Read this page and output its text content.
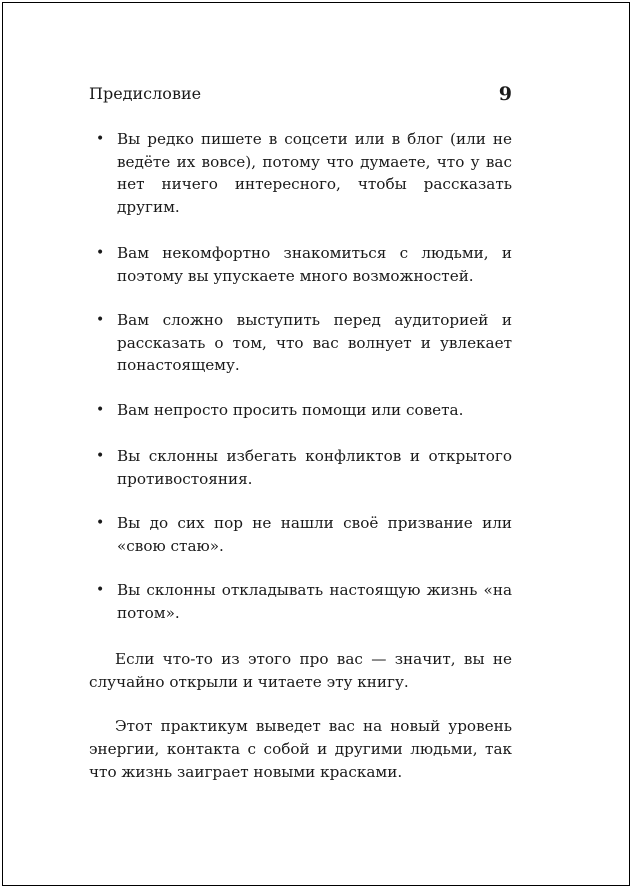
Предисловие	9
• Вы редко пишете в соцсети или в блог (или не ведёте их вовсе), потому что думаете, что у вас нет ничего интересного, чтобы рассказать другим.
• Вам некомфортно знакомиться с людьми, и поэтому вы упускаете много возможностей.
• Вам сложно выступить перед аудиторией и рассказать о том, что вас волнует и увлекает понастоящему.
• Вам непросто просить помощи или совета.
• Вы склонны избегать конфликтов и открытого противостояния.
• Вы до сих пор не нашли своё призвание или «свою стаю».
• Вы склонны откладывать настоящую жизнь «на потом».

Если что-то из этого про вас — значит, вы не случайно открыли и читаете эту книгу.

Этот практикум выведет вас на новый уровень энергии, контакта с собой и другими людьми, так что жизнь заиграет новыми красками.
